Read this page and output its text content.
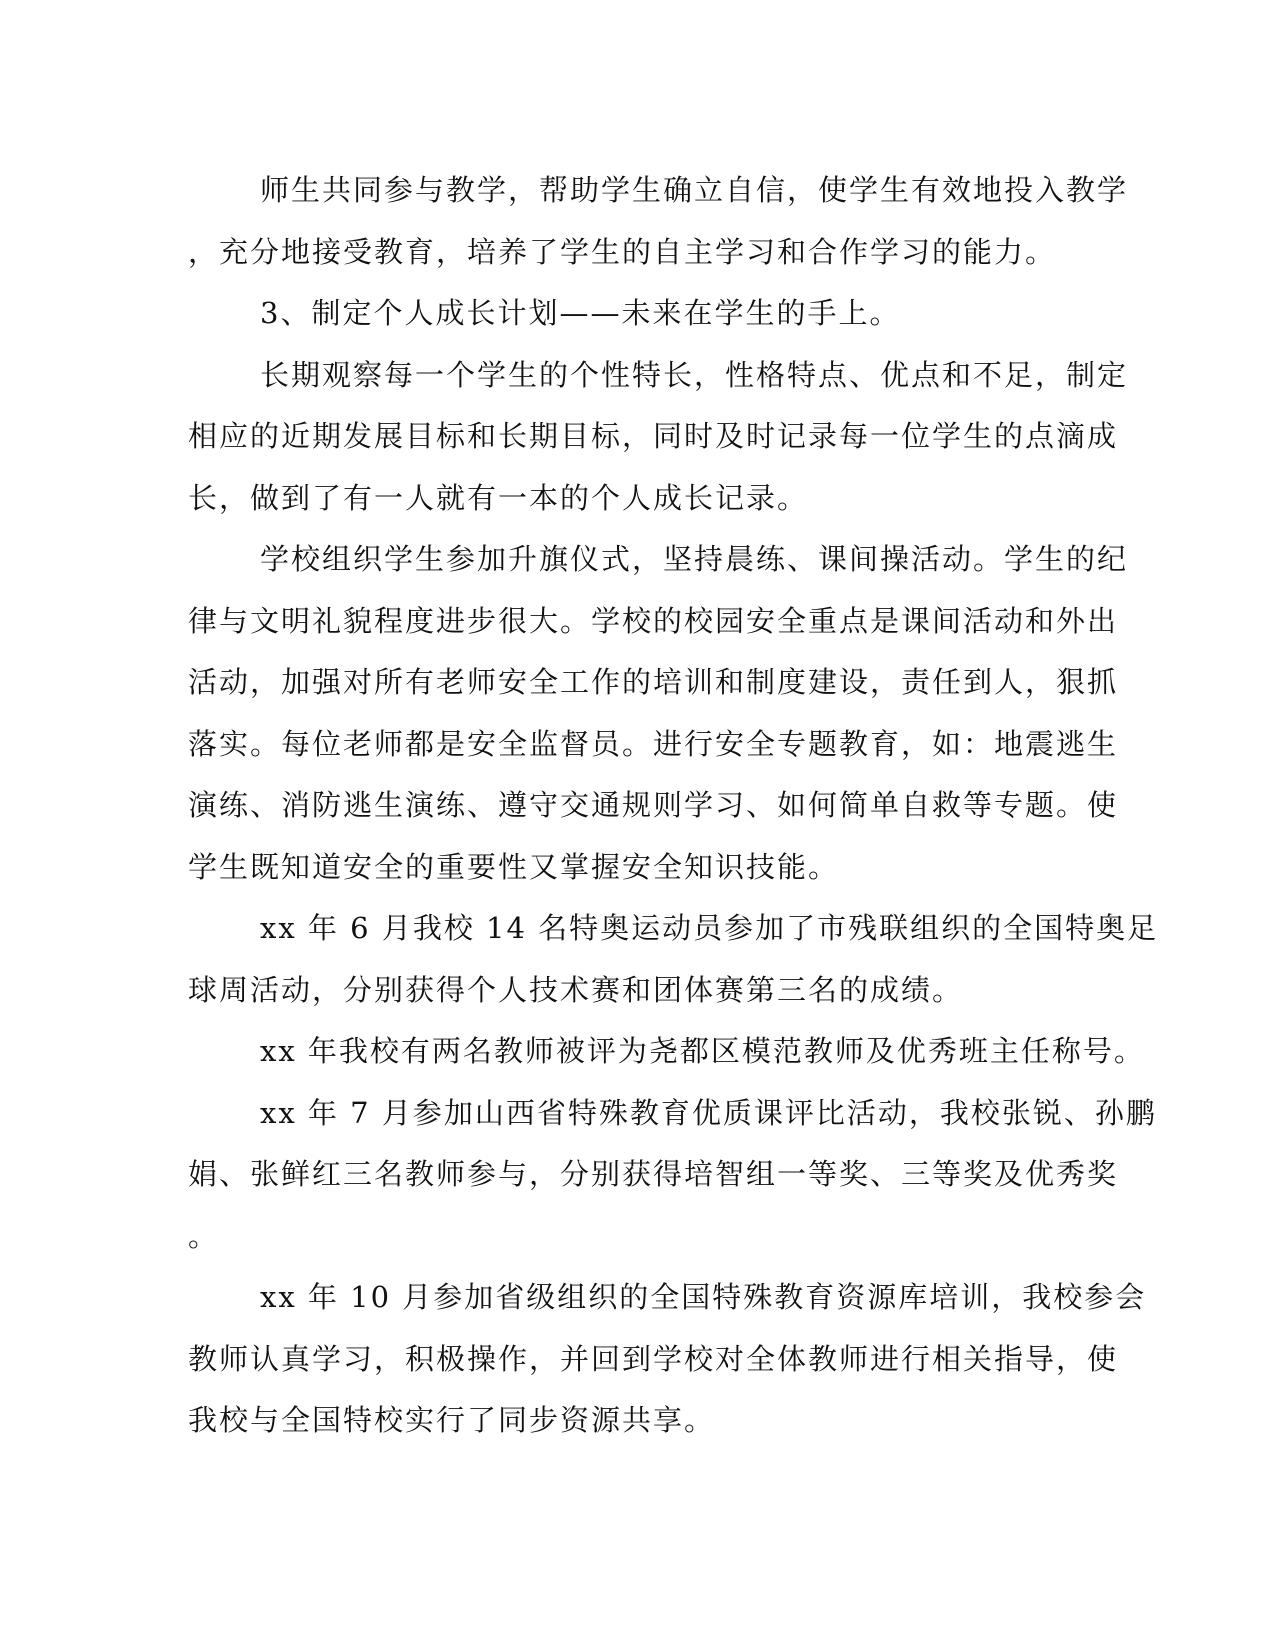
师生共同参与教学，帮助学生确立自信，使学生有效地投入教学
，充分地接受教育，培养了学生的自主学习和合作学习的能力。
3、制定个人成长计划——未来在学生的手上。
长期观察每一个学生的个性特长，性格特点、优点和不足，制定
相应的近期发展目标和长期目标，同时及时记录每一位学生的点滴成
长，做到了有一人就有一本的个人成长记录。
学校组织学生参加升旗仪式，坚持晨练、课间操活动。学生的纪
律与文明礼貌程度进步很大。学校的校园安全重点是课间活动和外出
活动，加强对所有老师安全工作的培训和制度建设，责任到人，狠抓
落实。每位老师都是安全监督员。进行安全专题教育，如：地震逃生
演练、消防逃生演练、遵守交通规则学习、如何简单自救等专题。使
学生既知道安全的重要性又掌握安全知识技能。
xx 年 6 月我校 14 名特奥运动员参加了市残联组织的全国特奥足
球周活动，分别获得个人技术赛和团体赛第三名的成绩。
xx 年我校有两名教师被评为尧都区模范教师及优秀班主任称号。
xx 年 7 月参加山西省特殊教育优质课评比活动，我校张锐、孙鹏
娟、张鲜红三名教师参与，分别获得培智组一等奖、三等奖及优秀奖
。
xx 年 10 月参加省级组织的全国特殊教育资源库培训，我校参会
教师认真学习，积极操作，并回到学校对全体教师进行相关指导，使
我校与全国特校实行了同步资源共享。
